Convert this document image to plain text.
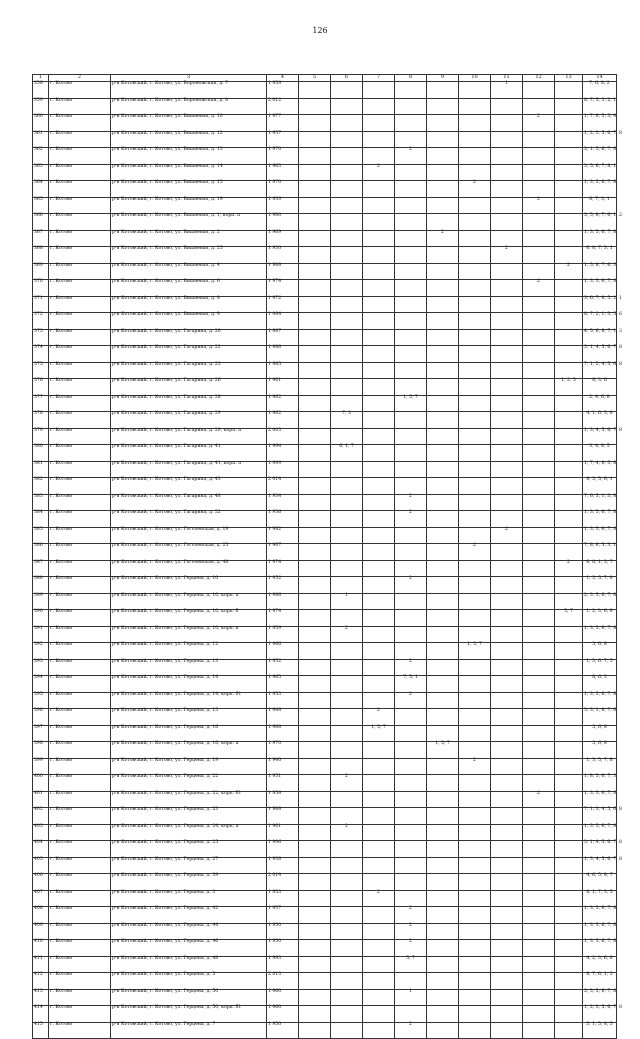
126
1	2	3	4	5	6	7	8	9	10	11	12	13	14
358	г. Котово	р-н Котовский, г. Котово, ул. Воронежская, д. 7	1 959							1			7, 6, 8, 2
359	г. Котово	р-н Котовский, г. Котово, ул. Воронежская, д. 8	2 012										8, 7, 5, 3, 2, 1
360	г. Котово	р-н Котовский, г. Котово, ул. Вишневая, д. 10	1 977								2		1, 7, 6, 5, 3, 4
361	г. Котово	р-н Котовский, г. Котово, ул. Вишневая, д. 12	1 957										1, 2, 3, 5, 6, 7, 8
362	г. Котово	р-н Котовский, г. Котово, ул. Вишневая, д. 13	1 970				2						3, 1, 5, 6, 7, 8
363	г. Котово	р-н Котовский, г. Котово, ул. Вишневая, д. 14	1 963			2							3, 5, 6, 7, 8, 1
364	г. Котово	р-н Котовский, г. Котово, ул. Вишневая, д. 15	1 970						2				1, 3, 5, 6, 7, 8
365	г. Котово	р-н Котовский, г. Котово, ул. Вишневая, д. 19	1 939								2		8, 7, 3, 1
366	г. Котово	р-н Котовский, г. Котово, ул. Вишневая, д. 1, корп. а	1 980										3, 5, 8, 7, 6, 1, 2
367	г. Котово	р-н Котовский, г. Котово, ул. Вишневая, д. 2	1 969					2					1, 3, 5, 6, 7, 8
368	г. Котово	р-н Котовский, г. Котово, ул. Вишневая, д. 25	1 930							2			6, 8, 7, 3, 1
369	г. Котово	р-н Котовский, г. Котово, ул. Вишневая, д. 4	1 988									2	1, 5, 8, 7, 6, 3
370	г. Котово	р-н Котовский, г. Котово, ул. Вишневая, д. 6	1 974								2		1, 3, 5, 6, 7, 8
371	г. Котово	р-н Котовский, г. Котово, ул. Вишневая, д. 8	1 972										3, 6, 7, 8, 5, 2, 1
372	г. Котово	р-н Котовский, г. Котово, ул. Вишневая, д. 9	1 984										8, 7, 2, 1, 3, 5, 6
373	г. Котово	р-н Котовский, г. Котово, ул. Гагарина, д. 20	1 987										4, 5, 6, 8, 7, 1, 3
374	г. Котово	р-н Котовский, г. Котово, ул. Гагарина, д. 22	1 988										3, 1, 4, 5, 6, 7, 8
375	г. Котово	р-н Котовский, г. Котово, ул. Гагарина, д. 23	1 985										7, 1, 2, 4, 5, 6, 8
376	г. Котово	р-н Котовский, г. Котово, ул. Гагарина, д. 26	1 961									1, 2, 5	8, 3, 6
377	г. Котово	р-н Котовский, г. Котово, ул. Гагарина, д. 28	1 962				1, 5, 7						2, 4, 6, 8
378	г. Котово	р-н Котовский, г. Котово, ул. Гагарина, д. 29	1 962		7, 3								4, 1, 6, 5, 8
379	г. Котово	р-н Котовский, г. Котово, ул. Гагарина, д. 29, корп. а	2 003										1, 3, 4, 5, 6, 7, 8
380	г. Котово	р-н Котовский, г. Котово, ул. Гагарина, д. 41	1 994		6, 1, 7								3, 4, 8, 5
381	г. Котово	р-н Котовский, г. Котово, ул. Гагарина, д. 41, корп. а	1 999										1, 7, 4, 6, 5, 8
382	г. Котово	р-н Котовский, г. Котово, ул. Гагарина, д. 43	2 014										8, 3, 5, 6, 1
383	г. Котово	р-н Котовский, г. Котово, ул. Гагарина, д. 48	1 934				2						7, 6, 5, 1, 3, 8
384	г. Котово	р-н Котовский, г. Котово, ул. Гагарина, д. 52	1 956				2						1, 3, 5, 6, 7, 8
385	г. Котово	р-н Котовский, г. Котово, ул. Гоголевская, д. 19	1 982							2			1, 3, 5, 6, 7, 8
386	г. Котово	р-н Котовский, г. Котово, ул. Гоголевская, д. 25	1 967						2				7, 8, 6, 5, 3, 1
387	г. Котово	р-н Котовский, г. Котово, ул. Гоголевская, д. 48	1 974									2	6, 8, 1, 3, 7
388	г. Котово	р-н Котовский, г. Котово, ул. Герцена, д. 10	1 952				2						1, 3, 5, 7, 8
389	г. Котово	р-н Котовский, г. Котово, ул. Герцена, д. 10, корп. а	1 986		1								2, 3, 5, 6, 7, 8
390	г. Котово	р-н Котовский, г. Котово, ул. Герцена, д. 10, корп. б	1 974									5, 7	1, 2, 3, 6, 8
391	г. Котово	р-н Котовский, г. Котово, ул. Герцена, д. 10, корп. в	1 959		2								1, 3, 5, 6, 7, 8
392	г. Котово	р-н Котовский, г. Котово, ул. Герцена, д. 12	1 966						1, 5, 7				3, 6, 8
393	г. Котово	р-н Котовский, г. Котово, ул. Герцена, д. 13	1 952				2						1, 3, 6, 7, 5
394	г. Котово	р-н Котовский, г. Котово, ул. Герцена, д. 14	1 965				7, 5, 1						8, 6, 3
395	г. Котово	р-н Котовский, г. Котово, ул. Герцена, д. 14, корп. б1	1 953				2						1, 3, 5, 6, 7, 8
396	г. Котово	р-н Котовский, г. Котово, ул. Герцена, д. 15	1 948			2							5, 3, 1, 8, 7, 6
397	г. Котово	р-н Котовский, г. Котово, ул. Герцена, д. 16	1 968			1, 5, 7							3, 6, 8
398	г. Котово	р-н Котовский, г. Котово, ул. Герцена, д. 16, корп. а	1 970					1, 5, 7					3, 6, 8
399	г. Котово	р-н Котовский, г. Котово, ул. Герцена, д. 19	1 940						2				1, 3, 5, 7, 8
400	г. Котово	р-н Котовский, г. Котово, ул. Герцена, д. 22	1 951		2								1, 8, 5, 6, 7, 3
401	г. Котово	р-н Котовский, г. Котово, ул. Герцена, д. 22, корп. б1	1 958								2		1, 3, 5, 6, 7, 8
402	г. Котово	р-н Котовский, г. Котово, ул. Герцена, д. 23	1 988										7, 1, 3, 4, 5, 6, 8
403	г. Котово	р-н Котовский, г. Котово, ул. Герцена, д. 24, корп. а	1 961		2								1, 3, 5, 6, 7, 8
404	г. Котово	р-н Котовский, г. Котово, ул. Герцена, д. 25	1 996										3, 1, 4, 5, 6, 7, 8
405	г. Котово	р-н Котовский, г. Котово, ул. Герцена, д. 27	1 938										1, 3, 4, 5, 6, 7, 8
406	г. Котово	р-н Котовский, г. Котово, ул. Герцена, д. 39	2 014										4, 6, 5, 8, 7
407	г. Котово	р-н Котовский, г. Котово, ул. Герцена, д. 3	1 953			2							8, 1, 7, 3, 5
408	г. Котово	р-н Котовский, г. Котово, ул. Герцена, д. 42	1 957				2						1, 3, 5, 6, 7, 8
409	г. Котово	р-н Котовский, г. Котово, ул. Герцена, д. 44	1 950				2						1, 3, 5, 6, 7, 8
410	г. Котово	р-н Котовский, г. Котово, ул. Герцена, д. 46	1 950				2						1, 3, 5, 6, 7, 8
411	г. Котово	р-н Котовский, г. Котово, ул. Герцена, д. 48	1 993				5, 7						4, 2, 3, 6, 8
412	г. Котово	р-н Котовский, г. Котово, ул. Герцена, д. 5	2 013										8, 7, 6, 1, 2
413	г. Котово	р-н Котовский, г. Котово, ул. Герцена, д. 50	1 960				1						2, 3, 5, 6, 7, 8
414	г. Котово	р-н Котовский, г. Котово, ул. Герцена, д. 50, корп. б1	1 960										1, 2, 3, 5, 6, 7, 8
415	г. Котово	р-н Котовский, г. Котово, ул. Герцена, д. 7	1 950				2						3, 1, 5, 8, 5
